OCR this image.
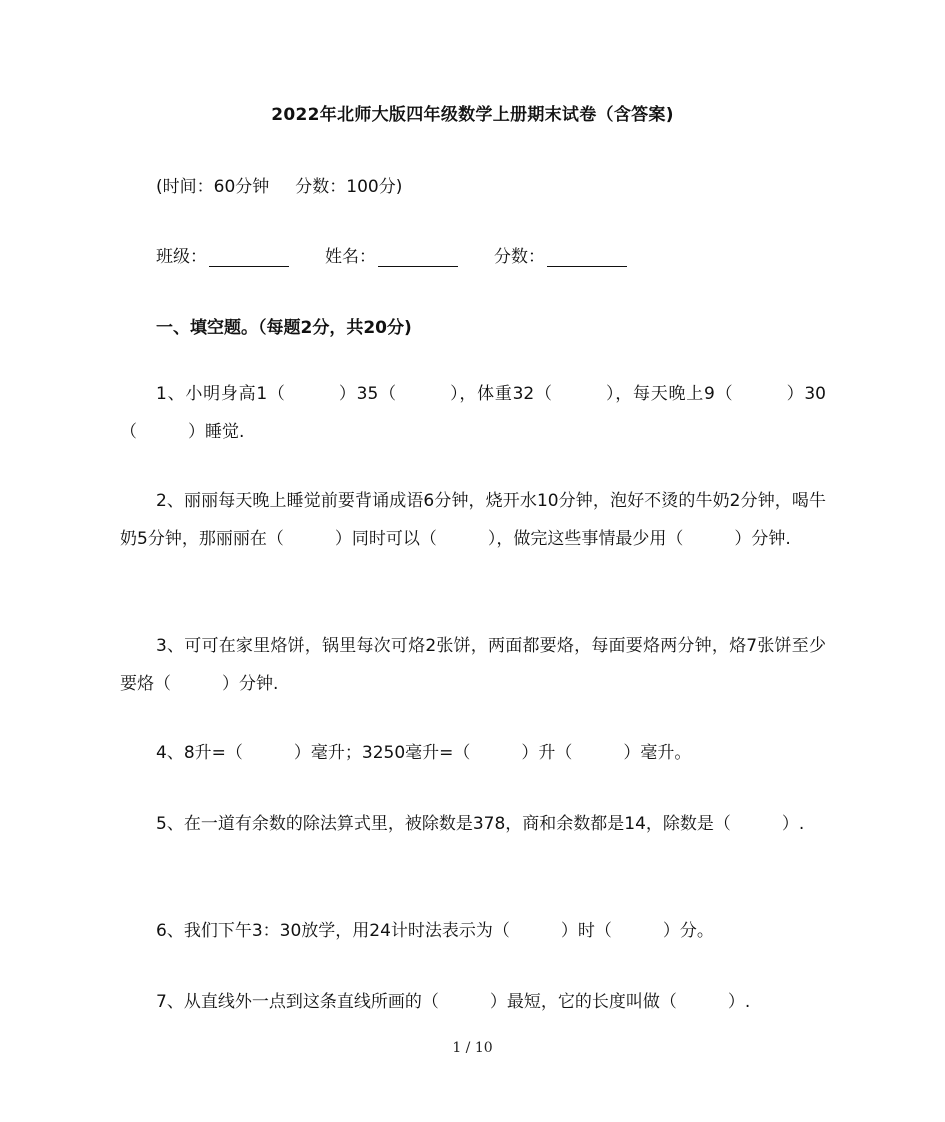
2022年北师大版四年级数学上册期末试卷（含答案)
(时间：60分钟 分数：100分)
班级：	姓名：	分数：
一、填空题。（每题2分，共20分)

1、小明身高1（　　　）35（　　　），体重32（　　　），每天晚上9（　　　）30（　　　）睡觉.

2、丽丽每天晚上睡觉前要背诵成语6分钟，烧开水10分钟，泡好不烫的牛奶2分钟，喝牛奶5分钟，那丽丽在（　　　）同时可以（　　　），做完这些事情最少用（　　　）分钟.

3、可可在家里烙饼，锅里每次可烙2张饼，两面都要烙，每面要烙两分钟，烙7张饼至少要烙（　　　）分钟.

4、8升=（　　　）毫升；3250毫升=（　　　）升（　　　）毫升。

5、在一道有余数的除法算式里，被除数是378，商和余数都是14，除数是（　　　）.

6、我们下午3：30放学，用24计时法表示为（　　　）时（　　　）分。

7、从直线外一点到这条直线所画的（　　　）最短，它的长度叫做（　　　）.

1 / 10
